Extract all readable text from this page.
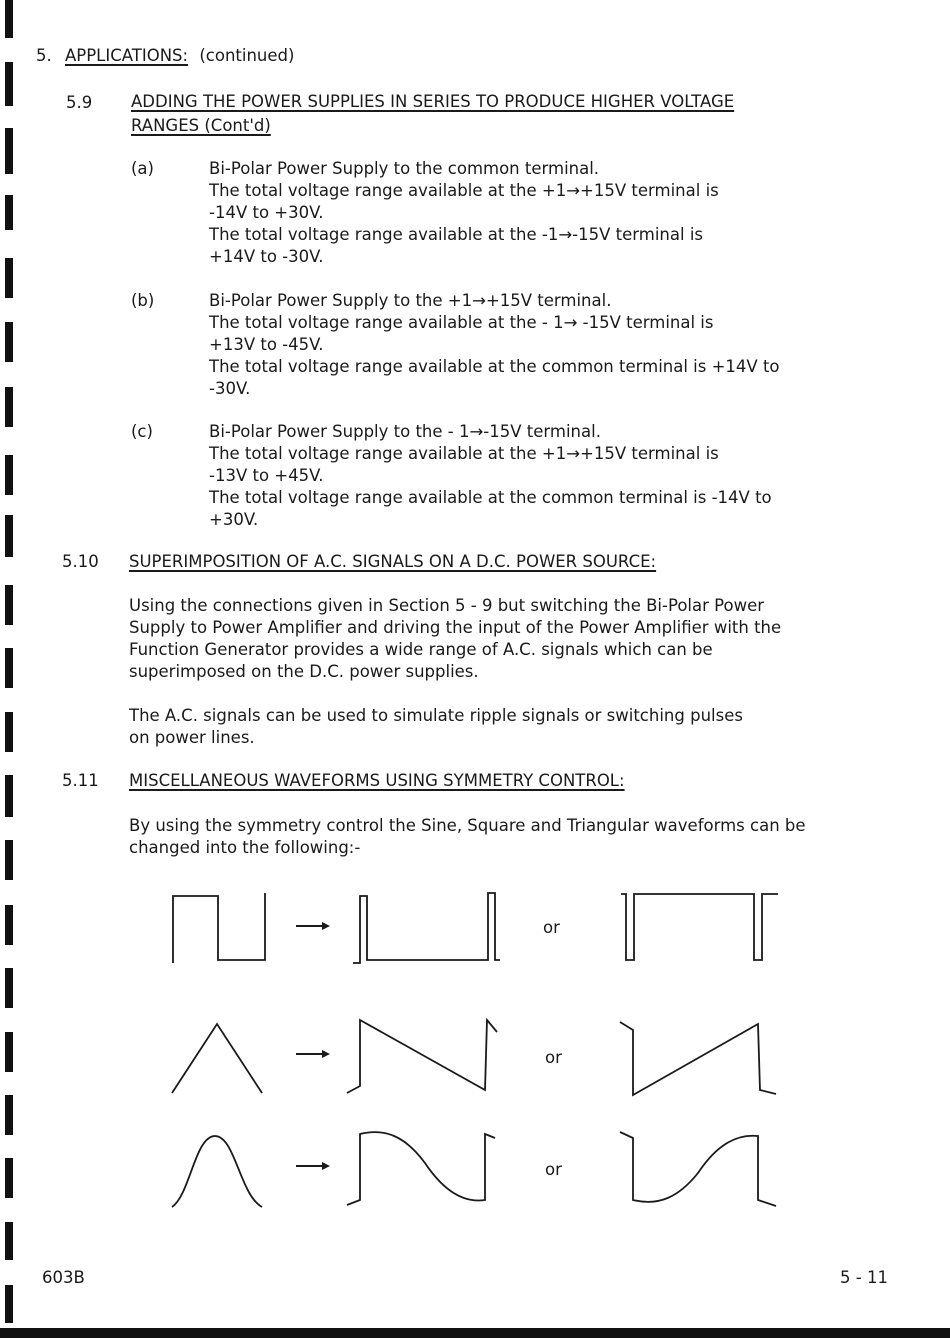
5. APPLICATIONS: (continued)
5.9 ADDING THE POWER SUPPLIES IN SERIES TO PRODUCE HIGHER VOLTAGE
RANGES (Cont'd)
(a)	Bi-Polar Power Supply to the common terminal.
The total voltage range available at the +1→+15V terminal is
-14V to +30V.
The total voltage range available at the -1→-15V terminal is
+14V to -30V.
(b)	Bi-Polar Power Supply to the +1→+15V terminal.
The total voltage range available at the - 1→ -15V terminal is
+13V to -45V.
The total voltage range available at the common terminal is +14V to
-30V.
(c)	Bi-Polar Power Supply to the - 1→-15V terminal.
The total voltage range available at the +1→+15V terminal is
-13V to +45V.
The total voltage range available at the common terminal is -14V to
+30V.
5.10 SUPERIMPOSITION OF A.C. SIGNALS ON A D.C. POWER SOURCE:
Using the connections given in Section 5 - 9 but switching the Bi-Polar Power
Supply to Power Amplifier and driving the input of the Power Amplifier with the
Function Generator provides a wide range of A.C. signals which can be
superimposed on the D.C. power supplies.
The A.C. signals can be used to simulate ripple signals or switching pulses
on power lines.
5.11 MISCELLANEOUS WAVEFORMS USING SYMMETRY CONTROL:
By using the symmetry control the Sine, Square and Triangular waveforms can be
changed into the following:-
or
or
or
603B	5 - 11
